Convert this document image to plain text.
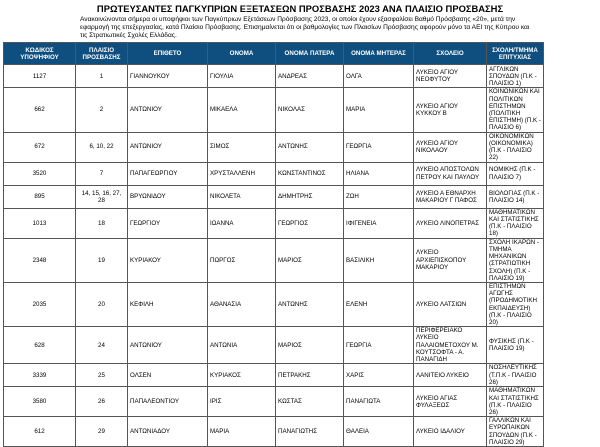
ΠΡΩΤΕΥΣΑΝΤΕΣ ΠΑΓΚΥΠΡΙΩΝ ΕΞΕΤΑΣΕΩΝ ΠΡΟΣΒΑΣΗΣ 2023 ΑΝΑ ΠΛΑΙΣΙΟ ΠΡΟΣΒΑΣΗΣ
Ανακοινώνονται σήμερα οι υποψήφιοι των Παγκύπριων Εξετάσεων Πρόσβασης 2023, οι οποίοι έχουν εξασφαλίσει Βαθμό Πρόσβασης «20», μετά την εφαρμογή της επεξεργασίας, κατά Πλαίσιο Πρόσβασης. Επισημαίνεται ότι οι βαθμολογίες των Πλαισίων Πρόσβασης αφορούν μόνο τα ΑΕΙ της Κύπρου και τις Στρατιωτικές Σχολές Ελλάδας.
ΚΩΔΙΚΟΣ ΥΠΟΨΗΦΙΟΥ	ΠΛΑΙΣΙΟ ΠΡΟΣΒΑΣΗΣ	ΕΠΙΘΕΤΟ	ΟΝΟΜΑ	ΟΝΟΜΑ ΠΑΤΕΡΑ	ΟΝΟΜΑ ΜΗΤΕΡΑΣ	ΣΧΟΛΕΙΟ	ΣΧΟΛΗ/ΤΜΗΜΑ ΕΠΙΤΥΧΙΑΣ
1127	1	ΓΙΑΝΝΟΥΚΟΥ	ΓΙΟΥΛΙΑ	ΑΝΔΡΕΑΣ	ΟΛΓΑ	ΛΥΚΕΙΟ ΑΓΙΟΥ ΝΕΟΦΥΤΟΥ	ΑΓΓΛΙΚΩΝ ΣΠΟΥΔΩΝ (Π.Κ - ΠΛΑΙΣΙΟ 1)
662	2	ΑΝΤΩΝΙΟΥ	ΜΙΚΑΕΛΑ	ΝΙΚΟΛΑΣ	ΜΑΡΙΑ	ΛΥΚΕΙΟ ΑΓΙΟΥ ΚΥΚΚΟΥ Β	ΚΟΙΝΩΝΙΚΩΝ ΚΑΙ ΠΟΛΙΤΙΚΩΝ ΕΠΙΣΤΗΜΩΝ (ΠΟΛΙΤΙΚΗ ΕΠΙΣΤΗΜΗ) (Π.Κ - ΠΛΑΙΣΙΟ 6)
672	6, 10, 22	ΑΝΤΩΝΙΟΥ	ΣΙΜΟΣ	ΑΝΤΩΝΗΣ	ΓΕΩΡΓΙΑ	ΛΥΚΕΙΟ ΑΓΙΟΥ ΝΙΚΟΛΑΟΥ	ΟΙΚΟΝΟΜΙΚΩΝ (ΟΙΚΟΝΟΜΙΚΑ) (Π.Κ - ΠΛΑΙΣΙΟ 22)
3520	7	ΠΑΠΑΓΕΩΡΓΙΟΥ	ΧΡΥΣΤΑΛΛΕΝΗ	ΚΩΝΣΤΑΝΤΙΝΟΣ	ΗΛΙΑΝΑ	ΛΥΚΕΙΟ ΑΠΟΣΤΟΛΩΝ ΠΕΤΡΟΥ ΚΑΙ ΠΑΥΛΟΥ	ΝΟΜΙΚΗΣ (Π.Κ - ΠΛΑΙΣΙΟ 7)
895	14, 15, 16, 27, 28	ΒΡΥΩΝΙΔΟΥ	ΝΙΚΟΛΕΤΑ	ΔΗΜΗΤΡΗΣ	ΖΩΗ	ΛΥΚΕΙΟ Α ΕΘΝΑΡΧΗ ΜΑΚΑΡΙΟΥ Γ ΠΑΦΟΣ	ΒΙΟΛΟΓΙΑΣ (Π.Κ - ΠΛΑΙΣΙΟ 14)
1013	18	ΓΕΩΡΓΙΟΥ	ΙΩΑΝΝΑ	ΓΕΩΡΓΙΟΣ	ΙΦΙΓΕΝΕΙΑ	ΛΥΚΕΙΟ ΛΙΝΟΠΕΤΡΑΣ	ΜΑΘΗΜΑΤΙΚΩΝ ΚΑΙ ΣΤΑΤΙΣΤΙΚΗΣ (Π.Κ - ΠΛΑΙΣΙΟ 18)
2348	19	ΚΥΡΙΑΚΟΥ	ΠΩΡΓΟΣ	ΜΑΡΙΟΣ	ΒΑΣΙΛΙΚΗ	ΛΥΚΕΙΟ ΑΡΧΙΕΠΙΣΚΟΠΟΥ ΜΑΚΑΡΙΟΥ	ΣΧΟΛΗ ΙΚΑΡΩΝ - ΤΜΗΜΑ ΜΗΧΑΝΙΚΩΝ (ΣΤΡΑΤΙΩΤΙΚΗ ΣΧΟΛΗ) (Π.Κ - ΠΛΑΙΣΙΟ 19)
2035	20	ΚΕΦΙΛΗ	ΑΘΑΝΑΣΙΑ	ΑΝΤΩΝΗΣ	ΕΛΕΝΗ	ΛΥΚΕΙΟ ΛΑΤΣΙΩΝ	ΕΠΙΣΤΗΜΩΝ ΑΓΩΓΗΣ (ΠΡΟΔΗΜΟΤΙΚΗ ΕΚΠΑΙΔΕΥΣΗ) (Π.Κ - ΠΛΑΙΣΙΟ 20)
628	24	ΑΝΤΩΝΙΟΥ	ΑΝΤΩΝΙΑ	ΜΑΡΙΟΣ	ΓΕΩΡΓΙΑ	ΠΕΡΙΦΕΡΕΙΑΚΟ ΛΥΚΕΙΟ ΠΑΛΑΙΟΜΕΤΟΧΟΥ Μ. ΚΟΥΤΣΟΦΤΑ - Α. ΠΑΝΑΓΙΔΗ	ΦΥΣΙΚΗΣ (Π.Κ - ΠΛΑΙΣΙΟ 19)
3339	25	ΟΛΣΕΝ	ΚΥΡΙΑΚΟΣ	ΠΕΤΡΑΚΗΣ	ΧΑΡΙΣ	ΛΑΝΙΤΕΙΟ ΛΥΚΕΙΟ	ΝΟΣΗΛΕΥΤΙΚΗΣ (Τ.Π.Κ - ΠΛΑΙΣΙΟ 26)
3580	26	ΠΑΠΑΛΕΟΝΤΙΟΥ	ΙΡΙΣ	ΚΩΣΤΑΣ	ΠΑΝΑΓΙΩΤΑ	ΛΥΚΕΙΟ ΑΓΙΑΣ ΦΥΛΑΞΕΩΣ	ΜΑΘΗΜΑΤΙΚΩΝ ΚΑΙ ΣΤΑΤΙΣΤΙΚΗΣ (Π.Κ - ΠΛΑΙΣΙΟ 26)
612	29	ΑΝΤΩΝΙΑΔΟΥ	ΜΑΡΙΑ	ΠΑΝΑΓΙΩΤΗΣ	ΘΑΛΕΙΑ	ΛΥΚΕΙΟ ΙΔΑΛΙΟΥ	ΓΑΛΛΙΚΩΝ ΚΑΙ ΕΥΡΩΠΑΙΚΩΝ ΣΠΟΥΔΩΝ (Π.Κ - ΠΛΑΙΣΙΟ 29)
